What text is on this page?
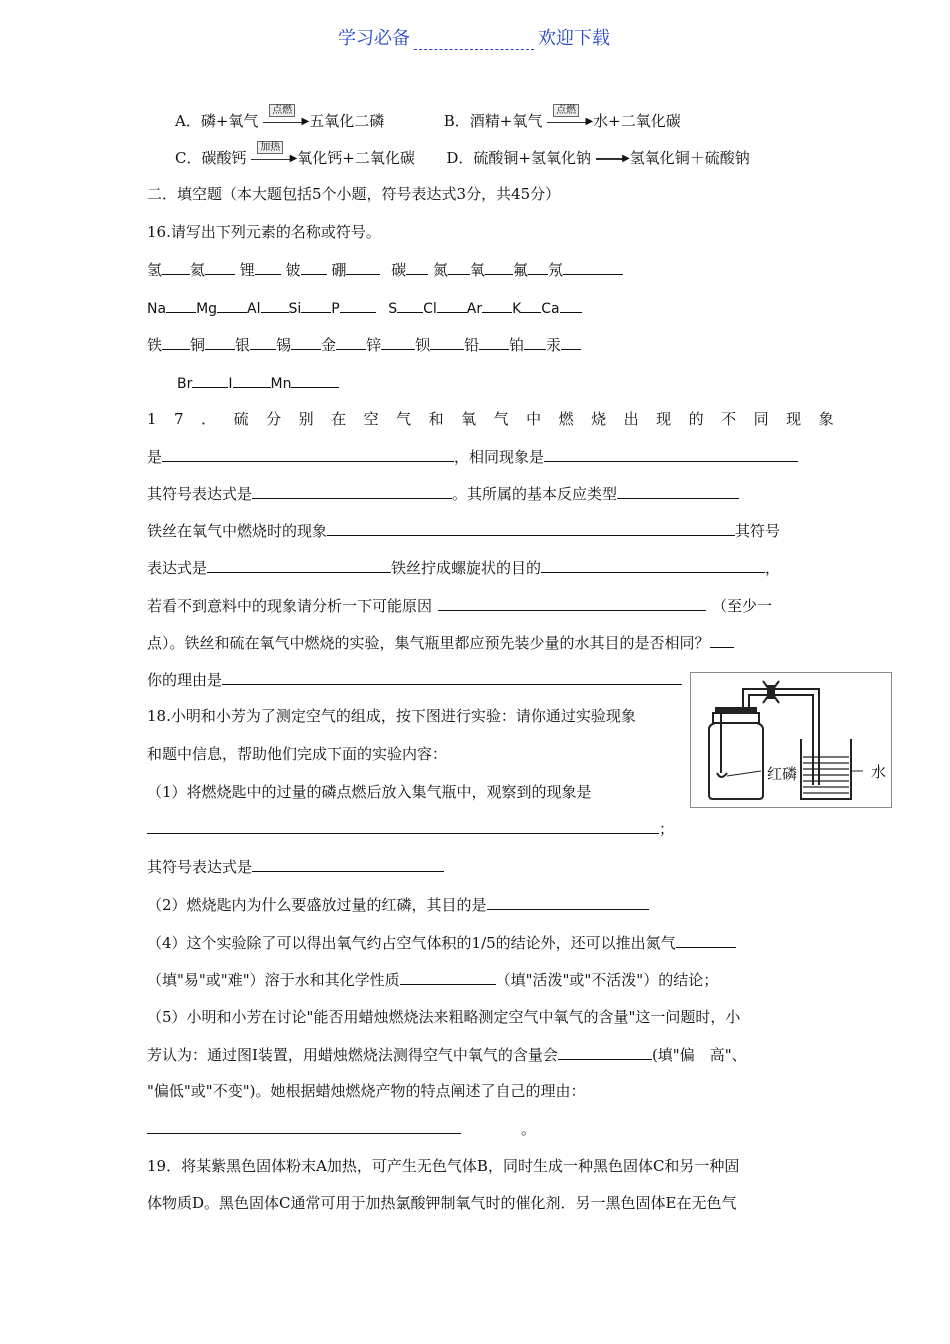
学习必备	欢迎下载
A．磷+氧气
点燃
▶ 五氧化二磷	B．酒精+氧气
点燃
▶ 水+二氧化碳
C．碳酸钙
加热
▶ 氧化钙+二氧化碳 D．硫酸铜+氢氧化钠	▶ 氢氧化铜＋硫酸钠
二．填空题（本大题包括5个小题，符号表达式3分，共45分）
16.请写出下列元素的名称或符号。
氢 氦 锂 铍 硼	碳 氮 氧 氟 氖
Na Mg Al Si P	S Cl Ar K Ca
铁 铜 银 锡 金 锌 钡 铅 铂 汞
Br	I	Mn
17．硫分别在空气和氧气中燃烧出现的不同现象
是	，相同现象是
其符号表达式是	。其所属的基本反应类型
铁丝在氧气中燃烧时的现象	其符号
表达式是	铁丝拧成螺旋状的目的	，
若看不到意料中的现象请分析一下可能原因	（至少一
点）。铁丝和硫在氧气中燃烧的实验，集气瓶里都应预先装少量的水其目的是否相同？
你的理由是
18.小明和小芳为了测定空气的组成，按下图进行实验：请你通过实验现象
和题中信息，帮助他们完成下面的实验内容：
（1）将燃烧匙中的过量的磷点燃后放入集气瓶中，观察到的现象是
；
其符号表达式是
（2）燃烧匙内为什么要盛放过量的红磷，其目的是
（4）这个实验除了可以得出氧气约占空气体积的1/5的结论外，还可以推出氮气
（填"易"或"难"）溶于水和其化学性质	（填"活泼"或"不活泼"）的结论；
（5）小明和小芳在讨论"能否用蜡烛燃烧法来粗略测定空气中氧气的含量"这一问题时，小
芳认为：通过图Ⅰ装置，用蜡烛燃烧法测得空气中氧气的含量会	(填"偏　高"、
"偏低"或"不变")。她根据蜡烛燃烧产物的特点阐述了自己的理由：
。
19．将某紫黑色固体粉末A加热，可产生无色气体B，同时生成一种黑色固体C和另一种固
体物质D。黑色固体C通常可用于加热氯酸钾制氧气时的催化剂．另一黑色固体E在无色气
红磷	水
